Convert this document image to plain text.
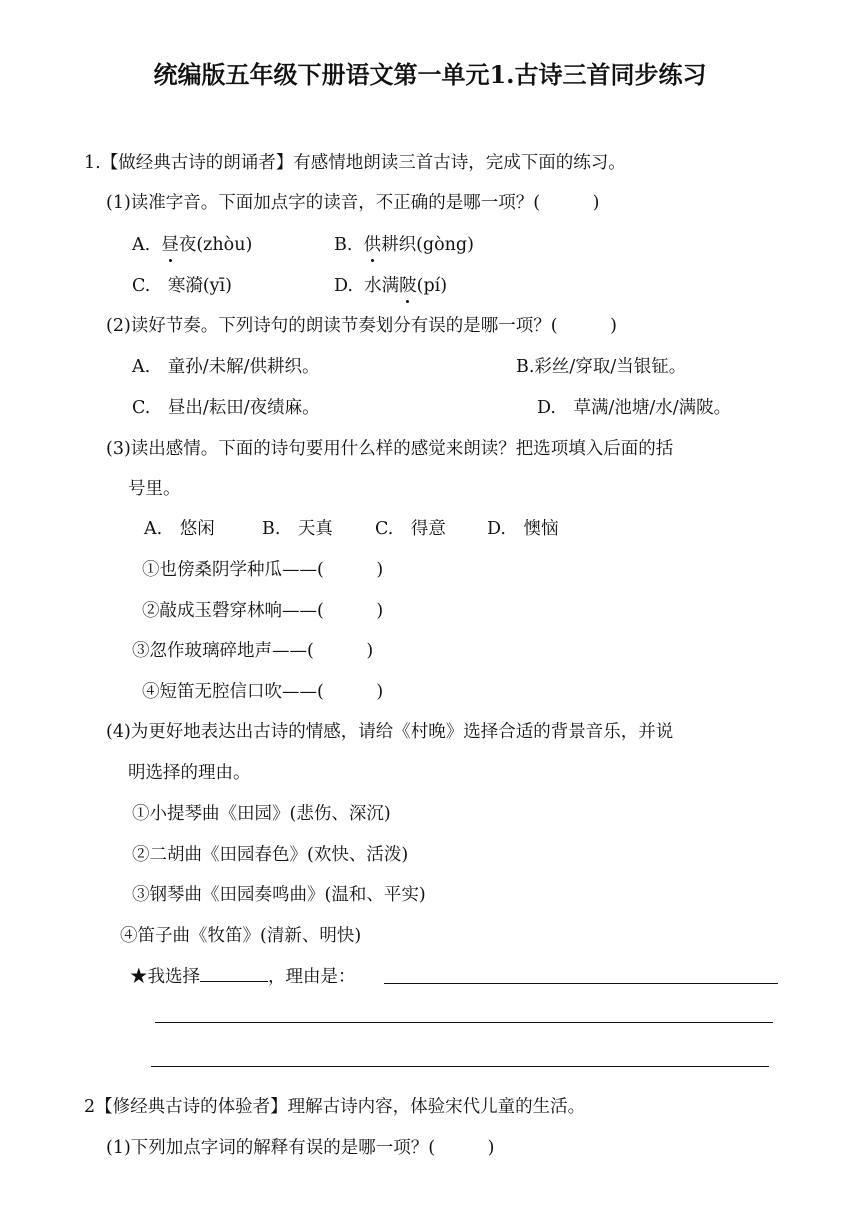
统编版五年级下册语文第一单元1.古诗三首同步练习
1.【做经典古诗的朗诵者】有感情地朗读三首古诗，完成下面的练习。
(1)读准字音。下面加点字的读音，不正确的是哪一项？(　　　)
A. 昼夜(zhòu)	B. 供耕织(gòng)
C.　寒漪(yī)	D. 水满陂(pí)
(2)读好节奏。下列诗句的朗读节奏划分有误的是哪一项？(　　　)
A.　童孙/未解/供耕织。	B.彩丝/穿取/当银钲。
C.　昼出/耘田/夜绩麻。	D.　草满/池塘/水/满陂。
(3)读出感情。下面的诗句要用什么样的感觉来朗读？把选项填入后面的括
号里。
A.　悠闲	B.　天真 C.　得意 D.　懊恼
①也傍桑阴学种瓜——(　　　)
②敲成玉磬穿林响——(　　　)
③忽作玻璃碎地声——(　　　)
④短笛无腔信口吹——(　　　)
(4)为更好地表达出古诗的情感，请给《村晚》选择合适的背景音乐，并说
明选择的理由。
①小提琴曲《田园》(悲伤、深沉)
②二胡曲《田园春色》(欢快、活泼)
③钢琴曲《田园奏鸣曲》(温和、平实)
④笛子曲《牧笛》(清新、明快)
★我选择	，理由是：
2【修经典古诗的体验者】理解古诗内容，体验宋代儿童的生活。
(1)下列加点字词的解释有误的是哪一项？(　　　)
